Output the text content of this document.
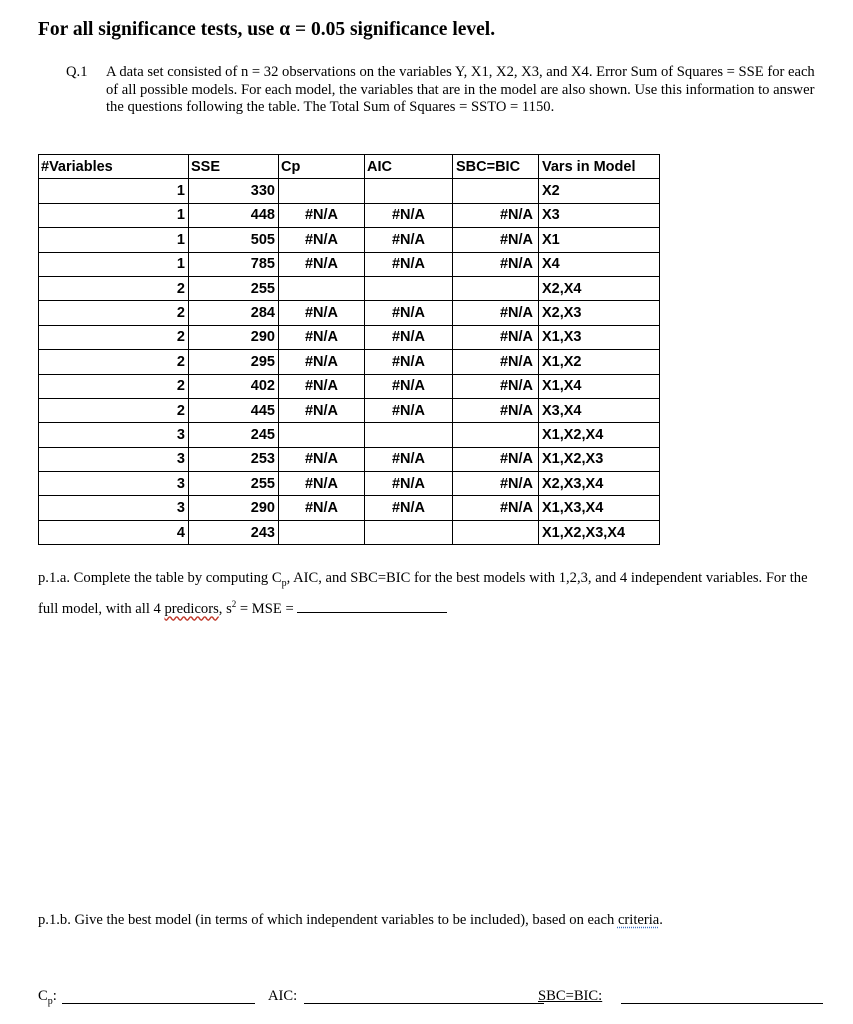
For all significance tests, use α = 0.05 significance level.
Q.1 A data set consisted of n = 32 observations on the variables Y, X1, X2, X3, and X4. Error Sum of Squares = SSE for each of all possible models. For each model, the variables that are in the model are also shown. Use this information to answer the questions following the table. The Total Sum of Squares = SSTO = 1150.
#Variables	SSE	Cp	AIC	SBC=BIC	Vars in Model
1	330				X2
1	448	#N/A	#N/A	#N/A	X3
1	505	#N/A	#N/A	#N/A	X1
1	785	#N/A	#N/A	#N/A	X4
2	255				X2,X4
2	284	#N/A	#N/A	#N/A	X2,X3
2	290	#N/A	#N/A	#N/A	X1,X3
2	295	#N/A	#N/A	#N/A	X1,X2
2	402	#N/A	#N/A	#N/A	X1,X4
2	445	#N/A	#N/A	#N/A	X3,X4
3	245				X1,X2,X4
3	253	#N/A	#N/A	#N/A	X1,X2,X3
3	255	#N/A	#N/A	#N/A	X2,X3,X4
3	290	#N/A	#N/A	#N/A	X1,X3,X4
4	243				X1,X2,X3,X4
p.1.a. Complete the table by computing $C_p$, AIC, and SBC=BIC for the best models with 1,2,3, and 4 independent variables. For the full model, with all 4 predicors, $s^2$ = MSE =
p.1.b. Give the best model (in terms of which independent variables to be included), based on each criteria.
$C_p$:	AIC:	SBC=BIC:
